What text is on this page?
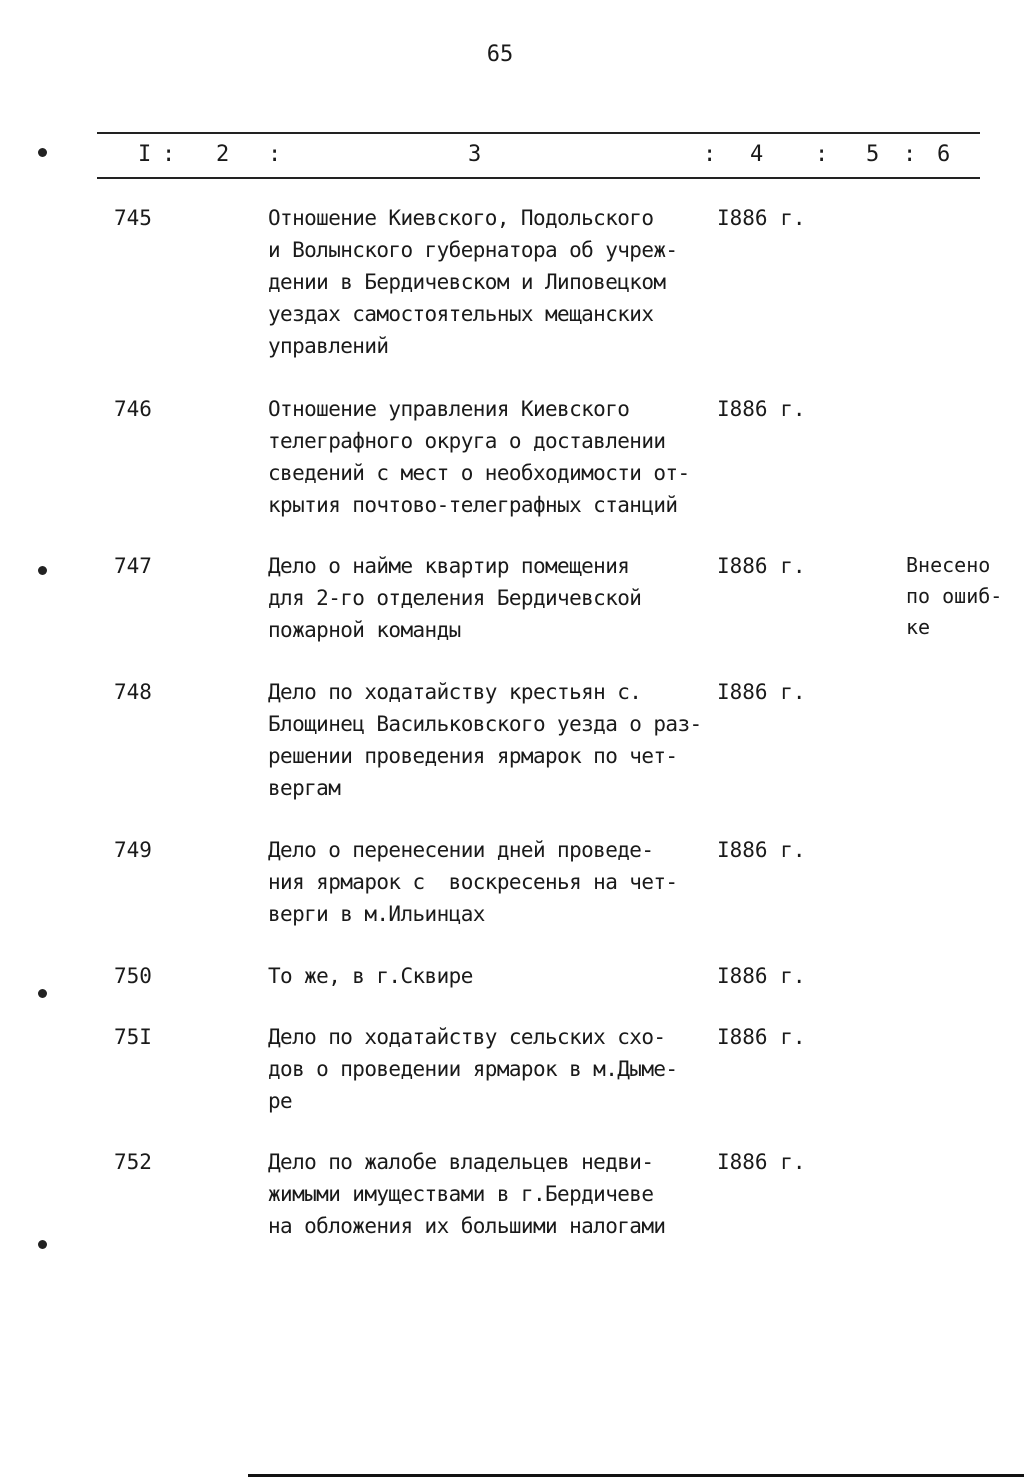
65
I : 2 :	3	: 4 : 5 : 6
745	Отношение Киевского, Подольского
и Волынского губернатора об учреж-
дении в Бердичевском и Липовецком
уездах самостоятельных мещанских
управлений
I886 г.
746	Отношение управления Киевского
телеграфного округа о доставлении
сведений с мест о необходимости от-
крытия почтово-телеграфных станций
I886 г.
747	Дело о найме квартир помещения
для 2-го отделения Бердичевской
пожарной команды
I886 г.	Внесено
по ошиб-
ке
748	Дело по ходатайству крестьян с.
Блощинец Васильковского уезда о раз-
решении проведения ярмарок по чет-
вергам
I886 г.
749	Дело о перенесении дней проведе-
ния ярмарок с  воскресенья на чет-
верги в м.Ильинцах
I886 г.
750	То же, в г.Сквире	I886 г.
75I	Дело по ходатайству сельских схо-
дов о проведении ярмарок в м.Дыме-
ре
I886 г.
752	Дело по жалобе владельцев недви-
жимыми имуществами в г.Бердичеве
на обложения их большими налогами
I886 г.
